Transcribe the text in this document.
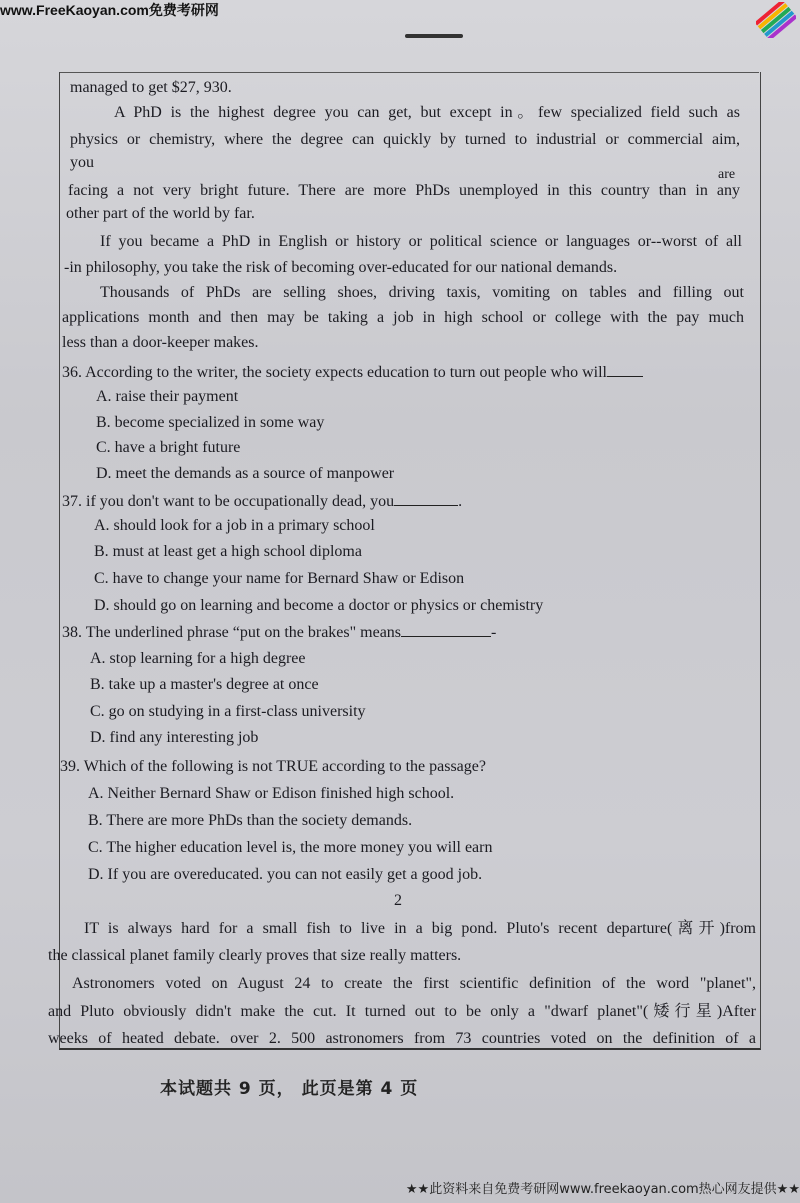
www.FreeKaoyan.com免费考研网
managed to get $27, 930.
A PhD is the highest degree you can get, but except in。few specialized field such as
physics or chemistry, where the degree can quickly by turned to industrial or commercial aim,
you
are
facing a not very bright future. There are more PhDs unemployed in this country than in any
other part of the world by far.
If you became a PhD in English or history or political science or languages or--worst of all
-in philosophy, you take the risk of becoming over-educated for our national demands.
Thousands of PhDs are selling shoes, driving taxis, vomiting on tables and filling out
applications month and then may be taking a job in high school or college with the pay much
less than a door-keeper makes.
36. According to the writer, the society expects education to turn out people who will
A. raise their payment
B. become specialized in some way
C. have a bright future
D. meet the demands as a source of manpower
37. if you don't want to be occupationally dead, you	.
A. should look for a job in a primary school
B. must at least get a high school diploma
C. have to change your name for Bernard Shaw or Edison
D. should go on learning and become a doctor or physics or chemistry
38. The underlined phrase “put on the brakes" means	-
A. stop learning for a high degree
B. take up a master's degree at once
C. go on studying in a first-class university
D. find any interesting job
39. Which of the following is not TRUE according to the passage?
A. Neither Bernard Shaw or Edison finished high school.
B. There are more PhDs than the society demands.
C. The higher education level is, the more money you will earn
D. If you are overeducated. you can not easily get a good job.
2
IT is always hard for a small fish to live in a big pond. Pluto's recent departure(离开)from
the classical planet family clearly proves that size really matters.
Astronomers voted on August 24 to create the first scientific definition of the word "planet",
and Pluto obviously didn't make the cut. It turned out to be only a "dwarf planet"(矮行星)After
weeks of heated debate. over 2. 500 astronomers from 73 countries voted on the definition of a
本试题共 9 页， 此页是第 4 页
★★此资料来自免费考研网www.freekaoyan.com热心网友提供★★
